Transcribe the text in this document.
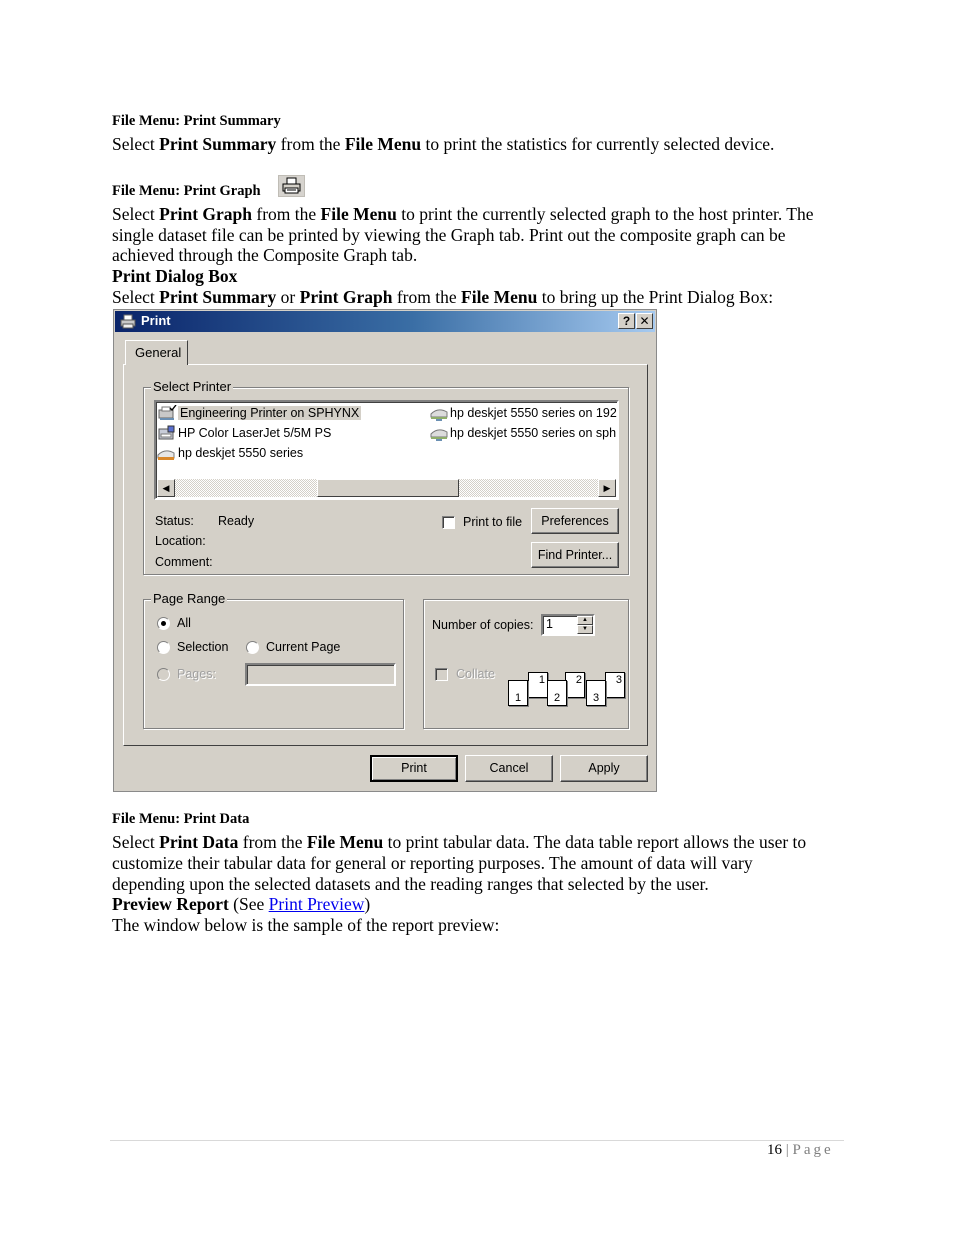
File Menu: Print Summary
Select Print Summary from the File Menu to print the statistics for currently selected device.
File Menu: Print Graph
Select Print Graph from the File Menu to print the currently selected graph to the host printer. The
single dataset file can be printed by viewing the Graph tab. Print out the composite graph can be
achieved through the Composite Graph tab.
Print Dialog Box
Select Print Summary or Print Graph from the File Menu to bring up the Print Dialog Box:
Print	? ✕
General
Select Printer
Engineering Printer on SPHYNX
HP Color LaserJet 5/5M PS
hp deskjet 5550 series
hp deskjet 5550 series on 192
hp deskjet 5550 series on sph
◀	▶
Status: Ready
Location:
Comment:
Print to file	Preferences
Find Printer...
Page Range
All
Selection	Current Page
Pages:
Number of copies:	1	▲
▼
Collate	1
1
2
2
3
3
Print	Cancel	Apply
File Menu: Print Data
Select Print Data from the File Menu to print tabular data. The data table report allows the user to
customize their tabular data for general or reporting purposes. The amount of data will vary
depending upon the selected datasets and the reading ranges that selected by the user.
Preview Report (See Print Preview)
The window below is the sample of the report preview:
16 | Page
